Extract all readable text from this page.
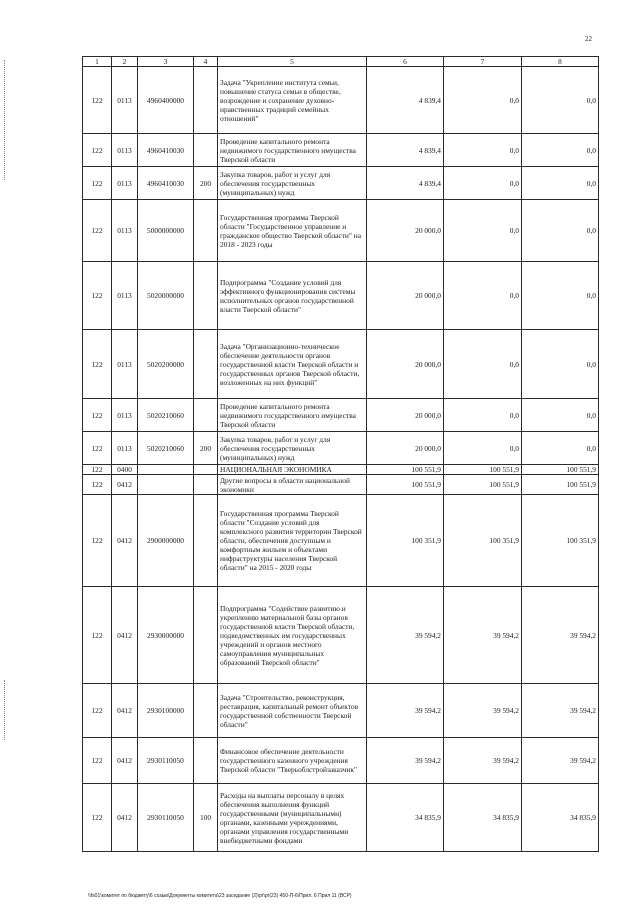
22
1	2	3	4	5	6	7	8
122	0113	4960400000		Задача "Укрепление института семьи, повышение статуса семьи в обществе, возрождение и сохранение духовно-нравственных традиций семейных отношений"	4 839,4	0,0	0,0
122	0113	4960410030		Проведение капитального ремонта недвижимого государственного имущества Тверской области	4 839,4	0,0	0,0
122	0113	4960410030	200	Закупка товаров, работ и услуг для обеспечения государственных (муниципальных) нужд	4 839,4	0,0	0,0
122	0113	5000000000		Государственная программа Тверской области "Государственное управление и гражданское общество Тверской области" на 2018 - 2023 годы	20 000,0	0,0	0,0
122	0113	5020000000		Подпрограмма "Создание условий для эффективного функционирования системы исполнительных органов государственной власти Тверской области"	20 000,0	0,0	0,0
122	0113	5020200000		Задача "Организационно-техническое обеспечение деятельности органов государственной власти Тверской области и государственных органов Тверской области, возложенных на них функций"	20 000,0	0,0	0,0
122	0113	5020210060		Проведение капитального ремонта недвижимого государственного имущества Тверской области	20 000,0	0,0	0,0
122	0113	5020210060	200	Закупка товаров, работ и услуг для обеспечения государственных (муниципальных) нужд	20 000,0	0,0	0,0
122	0400			НАЦИОНАЛЬНАЯ ЭКОНОМИКА	100 551,9	100 551,9	100 551,9
122	0412			Другие вопросы в области национальной экономики	100 551,9	100 551,9	100 551,9
122	0412	2900000000		Государственная программа Тверской области "Создание условий для комплексного развития территории Тверской области, обеспечения доступным и комфортным жильем и объектами инфраструктуры населения Тверской области" на 2015 - 2020 годы	100 351,9	100 351,9	100 351,9
122	0412	2930000000		Подпрограмма "Содействие развитию и укреплению материальной базы органов государственной власти Тверской области, подведомственных им государственных учреждений и органов местного самоуправления муниципальных образований Тверской области"	39 594,2	39 594,2	39 594,2
122	0412	2930100000		Задача "Строительство, реконструкция, реставрация, капитальный ремонт объектов государственной собственности Тверской области"	39 594,2	39 594,2	39 594,2
122	0412	2930110050		Финансовое обеспечение деятельности государственного казенного учреждения Тверской области "Тверьоблстройзаказчик"	39 594,2	39 594,2	39 594,2
122	0412	2930110050	100	Расходы на выплаты персоналу в целях обеспечения выполнения функций государственными (муниципальными) органами, казенными учреждениями, органами управления государственными внебюджетными фондами	34 835,9	34 835,9	34 835,9
\\fs01\комитет по бюджету\6 созыв\Документы комитета\23 заседание (2)\pr\pr(23) 450-П-6\Прил. 6 Прил 11 (ВСР)
